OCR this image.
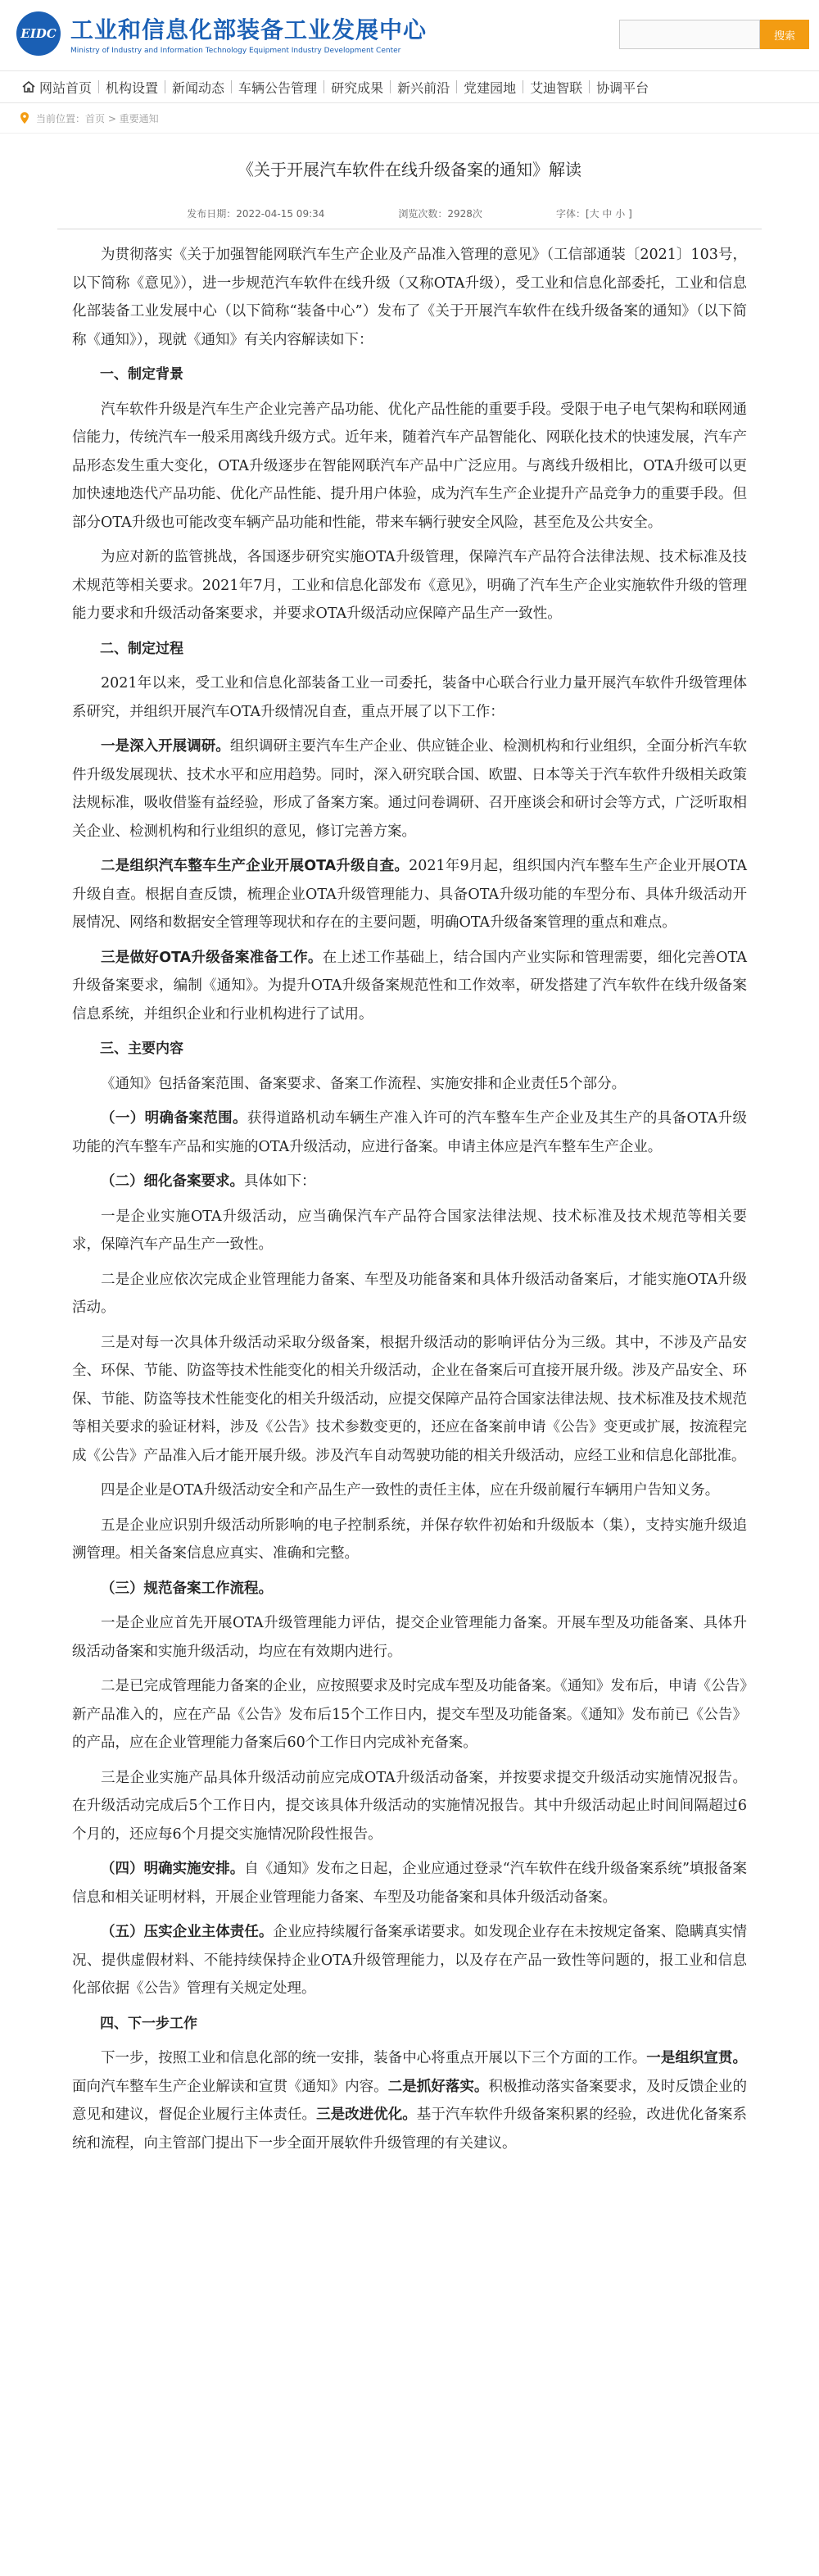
EIDC 工业和信息化部装备工业发展中心
Ministry of Industry and Information Technology Equipment Industry Development Center
搜索
网站首页 机构设置 新闻动态 车辆公告管理 研究成果 新兴前沿 党建园地 艾迪智联 协调平台
当前位置：首页 > 重要通知
《关于开展汽车软件在线升级备案的通知》解读
发布日期：2022-04-15 09:34	浏览次数：2928次	字体：[大 中 小 ]

为贯彻落实《关于加强智能网联汽车生产企业及产品准入管理的意见》（工信部通装〔2021〕103号，以下简称《意见》），进一步规范汽车软件在线升级（又称OTA升级），受工业和信息化部委托，工业和信息化部装备工业发展中心（以下简称“装备中心”）发布了《关于开展汽车软件在线升级备案的通知》（以下简称《通知》），现就《通知》有关内容解读如下：

一、制定背景

汽车软件升级是汽车生产企业完善产品功能、优化产品性能的重要手段。受限于电子电气架构和联网通信能力，传统汽车一般采用离线升级方式。近年来，随着汽车产品智能化、网联化技术的快速发展，汽车产品形态发生重大变化，OTA升级逐步在智能网联汽车产品中广泛应用。与离线升级相比，OTA升级可以更加快速地迭代产品功能、优化产品性能、提升用户体验，成为汽车生产企业提升产品竞争力的重要手段。但部分OTA升级也可能改变车辆产品功能和性能，带来车辆行驶安全风险，甚至危及公共安全。

为应对新的监管挑战，各国逐步研究实施OTA升级管理，保障汽车产品符合法律法规、技术标准及技术规范等相关要求。2021年7月，工业和信息化部发布《意见》，明确了汽车生产企业实施软件升级的管理能力要求和升级活动备案要求，并要求OTA升级活动应保障产品生产一致性。

二、制定过程

2021年以来，受工业和信息化部装备工业一司委托，装备中心联合行业力量开展汽车软件升级管理体系研究，并组织开展汽车OTA升级情况自查，重点开展了以下工作：

一是深入开展调研。组织调研主要汽车生产企业、供应链企业、检测机构和行业组织，全面分析汽车软件升级发展现状、技术水平和应用趋势。同时，深入研究联合国、欧盟、日本等关于汽车软件升级相关政策法规标准，吸收借鉴有益经验，形成了备案方案。通过问卷调研、召开座谈会和研讨会等方式，广泛听取相关企业、检测机构和行业组织的意见，修订完善方案。

二是组织汽车整车生产企业开展OTA升级自查。2021年9月起，组织国内汽车整车生产企业开展OTA升级自查。根据自查反馈，梳理企业OTA升级管理能力、具备OTA升级功能的车型分布、具体升级活动开展情况、网络和数据安全管理等现状和存在的主要问题，明确OTA升级备案管理的重点和难点。

三是做好OTA升级备案准备工作。在上述工作基础上，结合国内产业实际和管理需要，细化完善OTA升级备案要求，编制《通知》。为提升OTA升级备案规范性和工作效率，研发搭建了汽车软件在线升级备案信息系统，并组织企业和行业机构进行了试用。

三、主要内容

《通知》包括备案范围、备案要求、备案工作流程、实施安排和企业责任5个部分。

（一）明确备案范围。获得道路机动车辆生产准入许可的汽车整车生产企业及其生产的具备OTA升级功能的汽车整车产品和实施的OTA升级活动，应进行备案。申请主体应是汽车整车生产企业。

（二）细化备案要求。具体如下：

一是企业实施OTA升级活动，应当确保汽车产品符合国家法律法规、技术标准及技术规范等相关要求，保障汽车产品生产一致性。

二是企业应依次完成企业管理能力备案、车型及功能备案和具体升级活动备案后，才能实施OTA升级活动。

三是对每一次具体升级活动采取分级备案，根据升级活动的影响评估分为三级。其中，不涉及产品安全、环保、节能、防盗等技术性能变化的相关升级活动，企业在备案后可直接开展升级。涉及产品安全、环保、节能、防盗等技术性能变化的相关升级活动，应提交保障产品符合国家法律法规、技术标准及技术规范等相关要求的验证材料，涉及《公告》技术参数变更的，还应在备案前申请《公告》变更或扩展，按流程完成《公告》产品准入后才能开展升级。涉及汽车自动驾驶功能的相关升级活动，应经工业和信息化部批准。

四是企业是OTA升级活动安全和产品生产一致性的责任主体，应在升级前履行车辆用户告知义务。

五是企业应识别升级活动所影响的电子控制系统，并保存软件初始和升级版本（集），支持实施升级追溯管理。相关备案信息应真实、准确和完整。

（三）规范备案工作流程。

一是企业应首先开展OTA升级管理能力评估，提交企业管理能力备案。开展车型及功能备案、具体升级活动备案和实施升级活动，均应在有效期内进行。

二是已完成管理能力备案的企业，应按照要求及时完成车型及功能备案。《通知》发布后，申请《公告》新产品准入的，应在产品《公告》发布后15个工作日内，提交车型及功能备案。《通知》发布前已《公告》的产品，应在企业管理能力备案后60个工作日内完成补充备案。

三是企业实施产品具体升级活动前应完成OTA升级活动备案，并按要求提交升级活动实施情况报告。在升级活动完成后5个工作日内，提交该具体升级活动的实施情况报告。其中升级活动起止时间间隔超过6个月的，还应每6个月提交实施情况阶段性报告。

（四）明确实施安排。自《通知》发布之日起，企业应通过登录“汽车软件在线升级备案系统”填报备案信息和相关证明材料，开展企业管理能力备案、车型及功能备案和具体升级活动备案。

（五）压实企业主体责任。企业应持续履行备案承诺要求。如发现企业存在未按规定备案、隐瞒真实情况、提供虚假材料、不能持续保持企业OTA升级管理能力，以及存在产品一致性等问题的，报工业和信息化部依据《公告》管理有关规定处理。

四、下一步工作

下一步，按照工业和信息化部的统一安排，装备中心将重点开展以下三个方面的工作。一是组织宣贯。面向汽车整车生产企业解读和宣贯《通知》内容。二是抓好落实。积极推动落实备案要求，及时反馈企业的意见和建议，督促企业履行主体责任。三是改进优化。基于汽车软件升级备案积累的经验，改进优化备案系统和流程，向主管部门提出下一步全面开展软件升级管理的有关建议。
